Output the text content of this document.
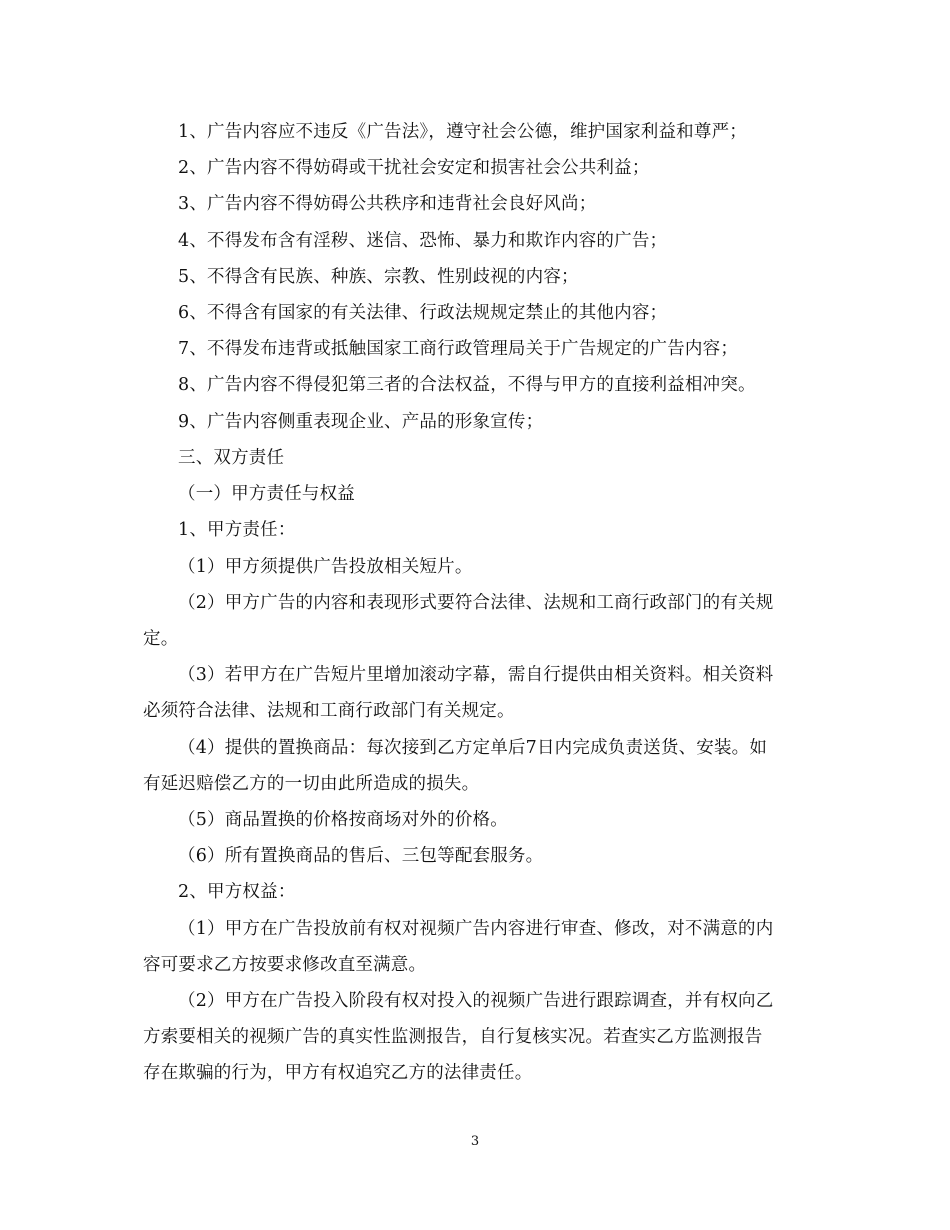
1、广告内容应不违反《广告法》，遵守社会公德，维护国家利益和尊严；
2、广告内容不得妨碍或干扰社会安定和损害社会公共利益；
3、广告内容不得妨碍公共秩序和违背社会良好风尚；
4、不得发布含有淫秽、迷信、恐怖、暴力和欺诈内容的广告；
5、不得含有民族、种族、宗教、性别歧视的内容；
6、不得含有国家的有关法律、行政法规规定禁止的其他内容；
7、不得发布违背或抵触国家工商行政管理局关于广告规定的广告内容；
8、广告内容不得侵犯第三者的合法权益，不得与甲方的直接利益相冲突。
9、广告内容侧重表现企业、产品的形象宣传；
三、双方责任
（一）甲方责任与权益
1、甲方责任：
（1）甲方须提供广告投放相关短片。
（2）甲方广告的内容和表现形式要符合法律、法规和工商行政部门的有关规
定。
（3）若甲方在广告短片里增加滚动字幕，需自行提供由相关资料。相关资料
必须符合法律、法规和工商行政部门有关规定。
（4）提供的置换商品：每次接到乙方定单后7日内完成负责送货、安装。如
有延迟赔偿乙方的一切由此所造成的损失。
（5）商品置换的价格按商场对外的价格。
（6）所有置换商品的售后、三包等配套服务。
2、甲方权益：
（1）甲方在广告投放前有权对视频广告内容进行审查、修改，对不满意的内
容可要求乙方按要求修改直至满意。
（2）甲方在广告投入阶段有权对投入的视频广告进行跟踪调查，并有权向乙
方索要相关的视频广告的真实性监测报告，自行复核实况。若查实乙方监测报告
存在欺骗的行为，甲方有权追究乙方的法律责任。
3
